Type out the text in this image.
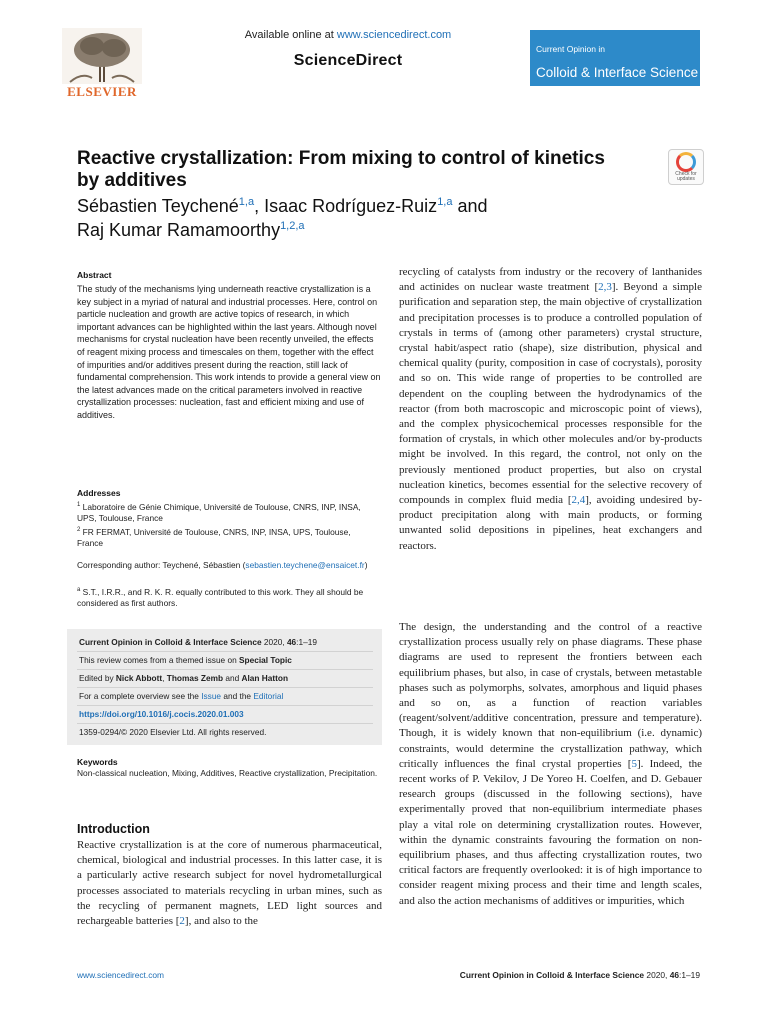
ELSEVIER
Available online at www.sciencedirect.com
ScienceDirect
Current Opinion in
Colloid & Interface Science
Reactive crystallization: From mixing to control of kinetics by additives	Check for updates
Sébastien Teychené$^{1,a}$, Isaac Rodríguez-Ruiz$^{1,a}$ and
Raj Kumar Ramamoorthy$^{1,2,a}$
Abstract
The study of the mechanisms lying underneath reactive crystallization is a key subject in a myriad of natural and industrial processes. Here, control on particle nucleation and growth are active topics of research, in which important advances can be highlighted within the last years. Although novel mechanisms for crystal nucleation have been recently unveiled, the effects of reagent mixing process and timescales on them, together with the effect of impurities and/or additives present during the reaction, still lack of fundamental comprehension. This work intends to provide a general view on the latest advances made on the critical parameters involved in reactive crystallization processes: nucleation, fast and efficient mixing and use of additives.
Addresses
$^1$ Laboratoire de Génie Chimique, Université de Toulouse, CNRS, INP, INSA, UPS, Toulouse, France
$^2$ FR FERMAT, Université de Toulouse, CNRS, INP, INSA, UPS, Toulouse, France
Corresponding author: Teychené, Sébastien (sebastien.teychene@ensaicet.fr)
$^a$ S.T., I.R.R., and R. K. R. equally contributed to this work. They all should be considered as first authors.
Current Opinion in Colloid & Interface Science 2020, 46:1–19
This review comes from a themed issue on Special Topic
Edited by Nick Abbott, Thomas Zemb and Alan Hatton
For a complete overview see the Issue and the Editorial
https://doi.org/10.1016/j.cocis.2020.01.003
1359-0294/© 2020 Elsevier Ltd. All rights reserved.
Keywords
Non-classical nucleation, Mixing, Additives, Reactive crystallization, Precipitation.
Introduction
Reactive crystallization is at the core of numerous pharmaceutical, chemical, biological and industrial processes. In this latter case, it is a particularly active research subject for novel hydrometallurgical processes associated to materials recycling in urban mines, such as the recycling of permanent magnets, LED light sources and rechargeable batteries [2], and also to the
recycling of catalysts from industry or the recovery of lanthanides and actinides on nuclear waste treatment [2,3]. Beyond a simple purification and separation step, the main objective of crystallization and precipitation processes is to produce a controlled population of crystals in terms of (among other parameters) crystal structure, crystal habit/aspect ratio (shape), size distribution, physical and chemical quality (purity, composition in case of cocrystals), porosity and so on. This wide range of properties to be controlled are dependent on the coupling between the hydrodynamics of the reactor (from both macroscopic and microscopic point of views), and the complex physicochemical processes responsible for the formation of crystals, in which other molecules and/or by-products might be involved. In this regard, the control, not only on the previously mentioned product properties, but also on crystal nucleation kinetics, becomes essential for the selective recovery of compounds in complex fluid media [2,4], avoiding undesired by-product precipitation along with main products, or forming unwanted solid depositions in pipelines, heat exchangers and reactors.
The design, the understanding and the control of a reactive crystallization process usually rely on phase diagrams. These phase diagrams are used to represent the frontiers between each equilibrium phases, but also, in case of crystals, between metastable phases such as polymorphs, solvates, amorphous and liquid phases and so on, as a function of reaction variables (reagent/solvent/additive concentration, pressure and temperature). Though, it is widely known that non-equilibrium (i.e. dynamic) constraints, would determine the crystallization pathway, which critically influences the final crystal properties [5]. Indeed, the recent works of P. Vekilov, J De Yoreo H. Coelfen, and D. Gebauer research groups (discussed in the following sections), have experimentally proved that non-equilibrium intermediate phases play a vital role on determining crystallization routes. However, within the dynamic constraints favouring the formation on non-equilibrium phases, and thus affecting crystallization routes, two critical factors are frequently overlooked: it is of high importance to consider reagent mixing process and their time and length scales, and also the action mechanisms of additives or impurities, which
www.sciencedirect.com	Current Opinion in Colloid & Interface Science 2020, 46:1–19
